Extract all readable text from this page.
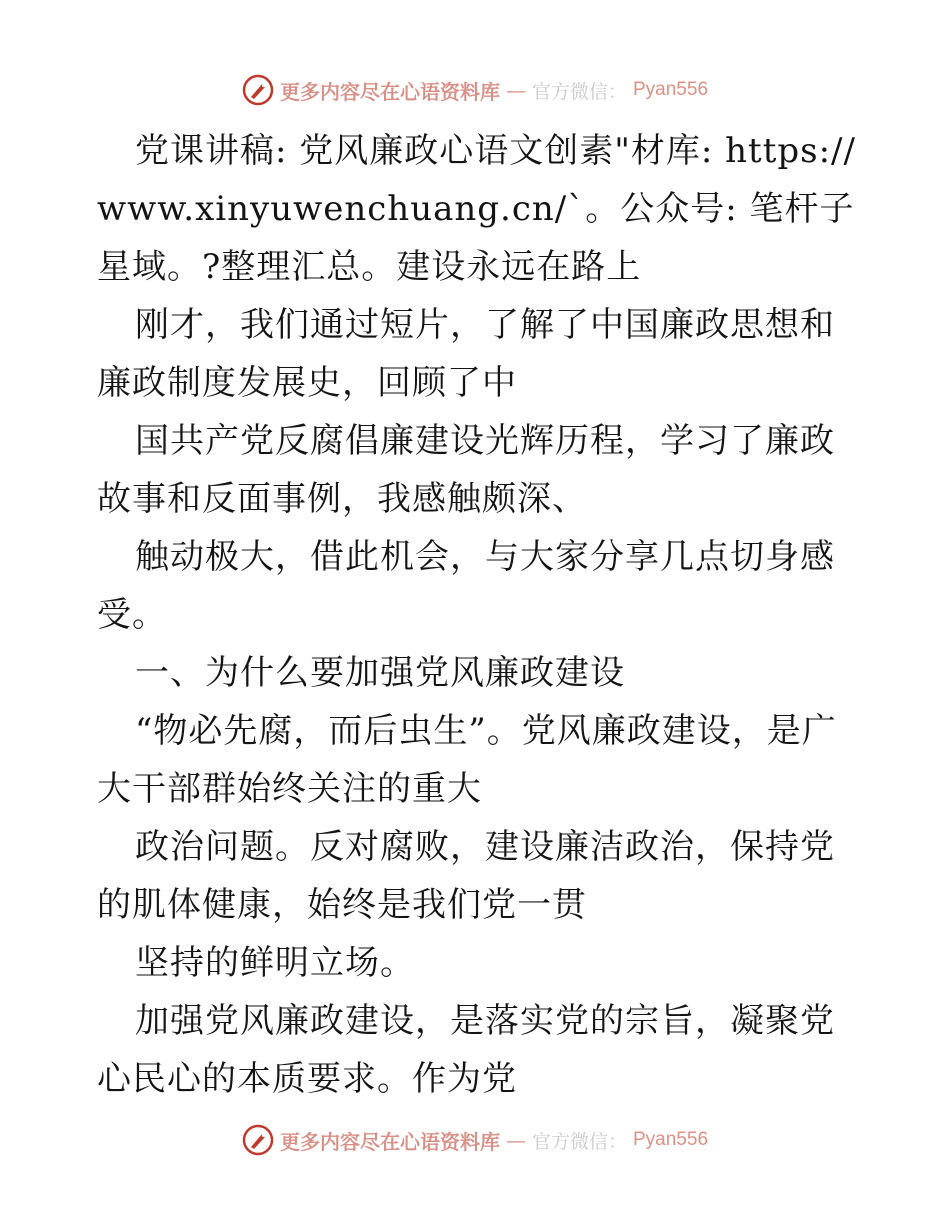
更多内容尽在心语资料库 — 官方微信： Pyan556

党课讲稿: 党风廉政心语文创素"材库: https://www.xinyuwenchuang.cn/`。公众号: 笔杆子星域。?整理汇总。建设永远在路上

刚才，我们通过短片，了解了中国廉政思想和廉政制度发展史，回顾了中

国共产党反腐倡廉建设光辉历程，学习了廉政故事和反面事例，我感触颇深、

触动极大，借此机会，与大家分享几点切身感受。

一、为什么要加强党风廉政建设

“物必先腐，而后虫生”。党风廉政建设，是广大干部群始终关注的重大

政治问题。反对腐败，建设廉洁政治，保持党的肌体健康，始终是我们党一贯

坚持的鲜明立场。

加强党风廉政建设，是落实党的宗旨，凝聚党心民心的本质要求。作为党

更多内容尽在心语资料库 — 官方微信： Pyan556
